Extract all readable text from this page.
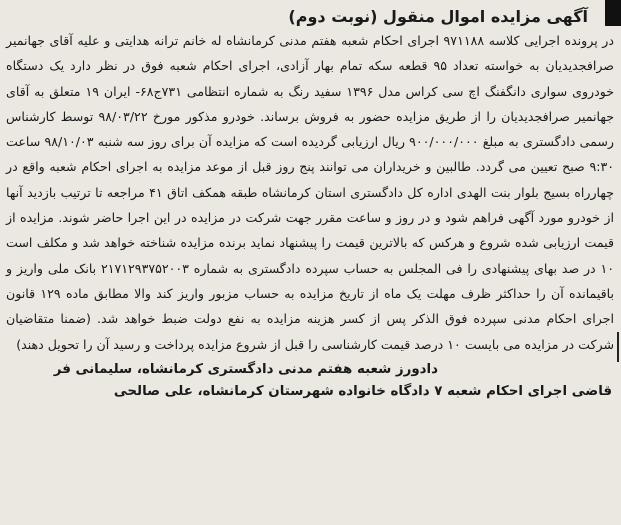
آگهی مزایده اموال منقول (نوبت دوم)

در پرونده اجرایی کلاسه ۹۷۱۱۸۸ اجرای احکام شعبه هفتم مدنی کرمانشاه له خانم ترانه هدایتی و علیه آقای جهانمیر صرافجدیدیان به خواسته تعداد ۹۵ قطعه سکه تمام بهار آزادی، اجرای احکام شعبه فوق در نظر دارد یک دستگاه خودروی سواری دانگفنگ اچ سی کراس مدل ۱۳۹۶ سفید رنگ به شماره انتظامی ۷۳۱ج۶۸- ایران ۱۹ متعلق به آقای جهانمیر صرافجدیدیان را از طریق مزایده حضور به فروش برساند. خودرو مذکور مورخ ۹۸/۰۳/۲۲ توسط کارشناس رسمی دادگستری به مبلغ ۹۰۰/۰۰۰/۰۰۰ ریال ارزیابی گردیده است که مزایده آن برای روز سه شنبه ۹۸/۱۰/۰۳ ساعت ۹:۳۰ صبح تعیین می گردد. طالبین و خریداران می توانند پنج روز قبل از موعد مزایده به اجرای احکام شعبه واقع در چهارراه بسیج بلوار بنت الهدی اداره کل دادگستری استان کرمانشاه طبقه همکف اتاق ۴۱ مراجعه تا ترتیب بازدید آنها از خودرو مورد آگهی فراهم شود و در روز و ساعت مقرر جهت شرکت در مزایده در این اجرا حاضر شوند. مزایده از قیمت ارزیابی شده شروع و هرکس که بالاترین قیمت را پیشنهاد نماید برنده مزایده شناخته خواهد شد و مکلف است ۱۰ در صد بهای پیشنهادی را فی المجلس به حساب سپرده دادگستری به شماره ۲۱۷۱۲۹۳۷۵۲۰۰۳ بانک ملی واریز و باقیمانده آن را حداکثر ظرف مهلت یک ماه از تاریخ مزایده به حساب مزبور واریز کند والا مطابق ماده ۱۲۹ قانون اجرای احکام مدنی سپرده فوق الذکر پس از کسر هزینه مزایده به نفع دولت ضبط خواهد شد. (ضمنا متقاضیان شرکت در مزایده می بایست ۱۰ درصد قیمت کارشناسی را قبل از شروع مزایده پرداخت و رسید آن را تحویل دهند)

دادورز شعبه هفتم مدنی دادگستری کرمانشاه، سلیمانی فر
قاضی اجرای احکام شعبه ۷ دادگاه خانواده شهرستان کرمانشاه، علی صالحی
